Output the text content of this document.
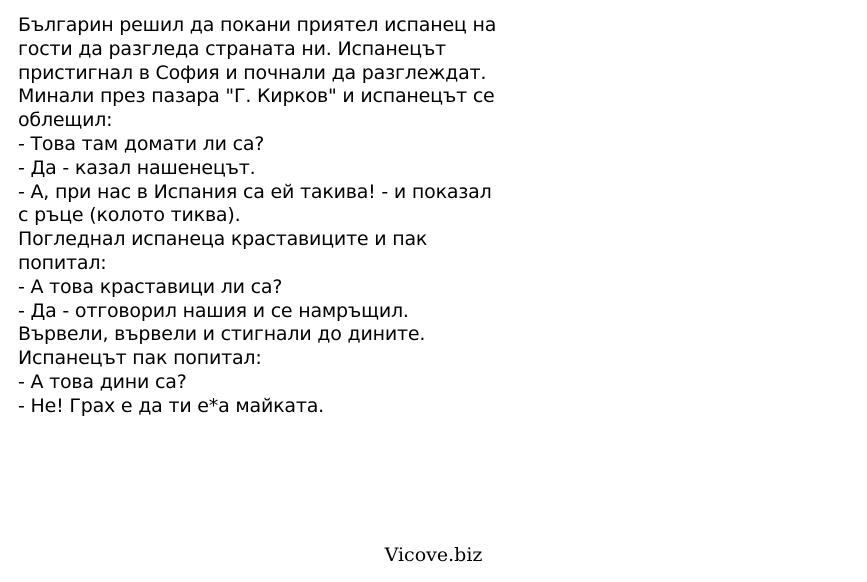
Българин решил да покани приятел испанец на
гости да разгледа страната ни. Испанецът
пристигнал в София и почнали да разглеждат.
Минали през пазара "Г. Кирков" и испанецът се
облещил:
- Това там домати ли са?
- Да - казал нашенецът.
- А, при нас в Испания са ей такива! - и показал
с ръце (колото тиква).
Погледнал испанеца краставиците и пак
попитал:
- А това краставици ли са?
- Да - отговорил нашия и се намръщил.
Вървели, вървели и стигнали до дините.
Испанецът пак попитал:
- А това дини са?
- Не! Грах е да ти е*а майката.
Vicove.biz
